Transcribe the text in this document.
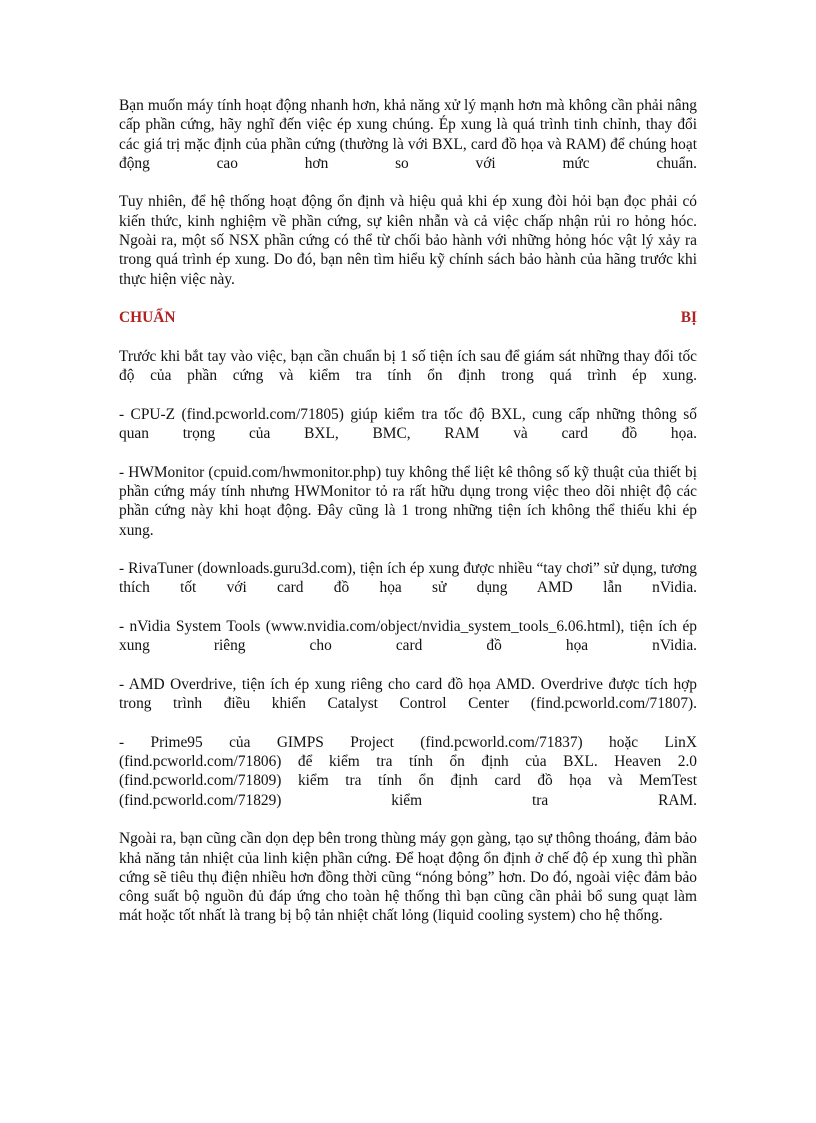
Bạn muốn máy tính hoạt động nhanh hơn, khả năng xử lý mạnh hơn mà không cần phải nâng cấp phần cứng, hãy nghĩ đến việc ép xung chúng. Ép xung là quá trình tinh chỉnh, thay đổi các giá trị mặc định của phần cứng (thường là với BXL, card đồ họa và RAM) để chúng hoạt động cao hơn so với mức chuẩn.

Tuy nhiên, để hệ thống hoạt động ổn định và hiệu quả khi ép xung đòi hỏi bạn đọc phải có kiến thức, kinh nghiệm về phần cứng, sự kiên nhẫn và cả việc chấp nhận rủi ro hỏng hóc. Ngoài ra, một số NSX phần cứng có thể từ chối bảo hành với những hỏng hóc vật lý xảy ra trong quá trình ép xung. Do đó, bạn nên tìm hiểu kỹ chính sách bảo hành của hãng trước khi thực hiện việc này.

CHUẨN	BỊ

Trước khi bắt tay vào việc, bạn cần chuẩn bị 1 số tiện ích sau để giám sát những thay đổi tốc độ của phần cứng và kiểm tra tính ổn định trong quá trình ép xung.

- CPU-Z (find.pcworld.com/71805) giúp kiểm tra tốc độ BXL, cung cấp những thông số quan trọng của BXL, BMC, RAM và card đồ họa.

- HWMonitor (cpuid.com/hwmonitor.php) tuy không thể liệt kê thông số kỹ thuật của thiết bị phần cứng máy tính nhưng HWMonitor tỏ ra rất hữu dụng trong việc theo dõi nhiệt độ các phần cứng này khi hoạt động. Đây cũng là 1 trong những tiện ích không thể thiếu khi ép xung.

- RivaTuner (downloads.guru3d.com), tiện ích ép xung được nhiều “tay chơi” sử dụng, tương thích tốt với card đồ họa sử dụng AMD lẫn nVidia.

- nVidia System Tools (www.nvidia.com/object/nvidia_system_tools_6.06.html), tiện ích ép xung riêng cho card đồ họa nVidia.

- AMD Overdrive, tiện ích ép xung riêng cho card đồ họa AMD. Overdrive được tích hợp trong trình điều khiển Catalyst Control Center (find.pcworld.com/71807).

- Prime95 của GIMPS Project (find.pcworld.com/71837) hoặc LinX (find.pcworld.com/71806) để kiểm tra tính ổn định của BXL. Heaven 2.0 (find.pcworld.com/71809) kiểm tra tính ổn định card đồ họa và MemTest (find.pcworld.com/71829) kiểm tra RAM.

Ngoài ra, bạn cũng cần dọn dẹp bên trong thùng máy gọn gàng, tạo sự thông thoáng, đảm bảo khả năng tản nhiệt của linh kiện phần cứng. Để hoạt động ổn định ở chế độ ép xung thì phần cứng sẽ tiêu thụ điện nhiều hơn đồng thời cũng “nóng bỏng” hơn. Do đó, ngoài việc đảm bảo công suất bộ nguồn đủ đáp ứng cho toàn hệ thống thì bạn cũng cần phải bổ sung quạt làm mát hoặc tốt nhất là trang bị bộ tản nhiệt chất lỏng (liquid cooling system) cho hệ thống.
